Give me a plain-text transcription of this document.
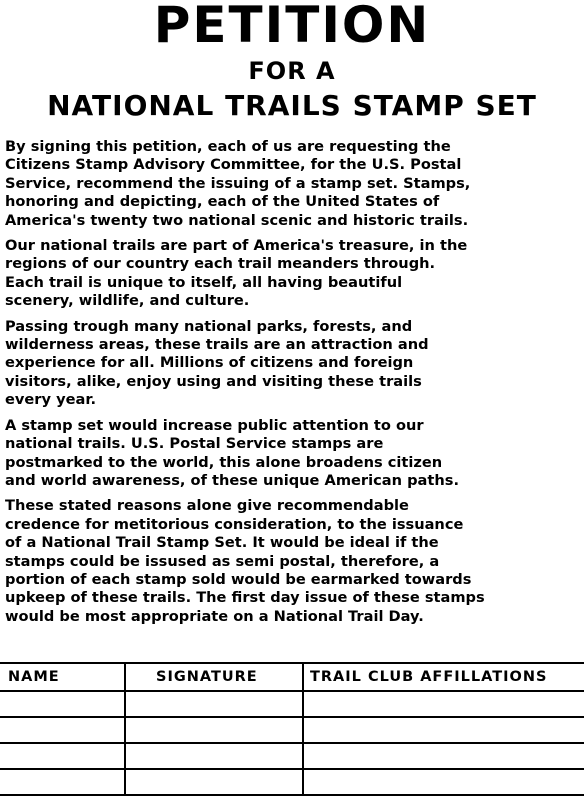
PETITION
FOR A
NATIONAL TRAILS STAMP SET
By signing this petition, each of us are requesting the
Citizens Stamp Advisory Committee, for the U.S. Postal
Service, recommend the issuing of a stamp set. Stamps,
honoring and depicting, each of the United States of
America's twenty two national scenic and historic trails.
Our national trails are part of America's treasure, in the
regions of our country each trail meanders through.
Each trail is unique to itself, all having beautiful
scenery, wildlife, and culture.
Passing trough many national parks, forests, and
wilderness areas, these trails are an attraction and
experience for all. Millions of citizens and foreign
visitors, alike, enjoy using and visiting these trails
every year.
A stamp set would increase public attention to our
national trails. U.S. Postal Service stamps are
postmarked to the world, this alone broadens citizen
and world awareness, of these unique American paths.
These stated reasons alone give recommendable
credence for metitorious consideration, to the issuance
of a National Trail Stamp Set. It would be ideal if the
stamps could be issused as semi postal, therefore, a
portion of each stamp sold would be earmarked towards
upkeep of these trails. The first day issue of these stamps
would be most appropriate on a National Trail Day.
NAME	SIGNATURE	TRAIL CLUB AFFILLATIONS
